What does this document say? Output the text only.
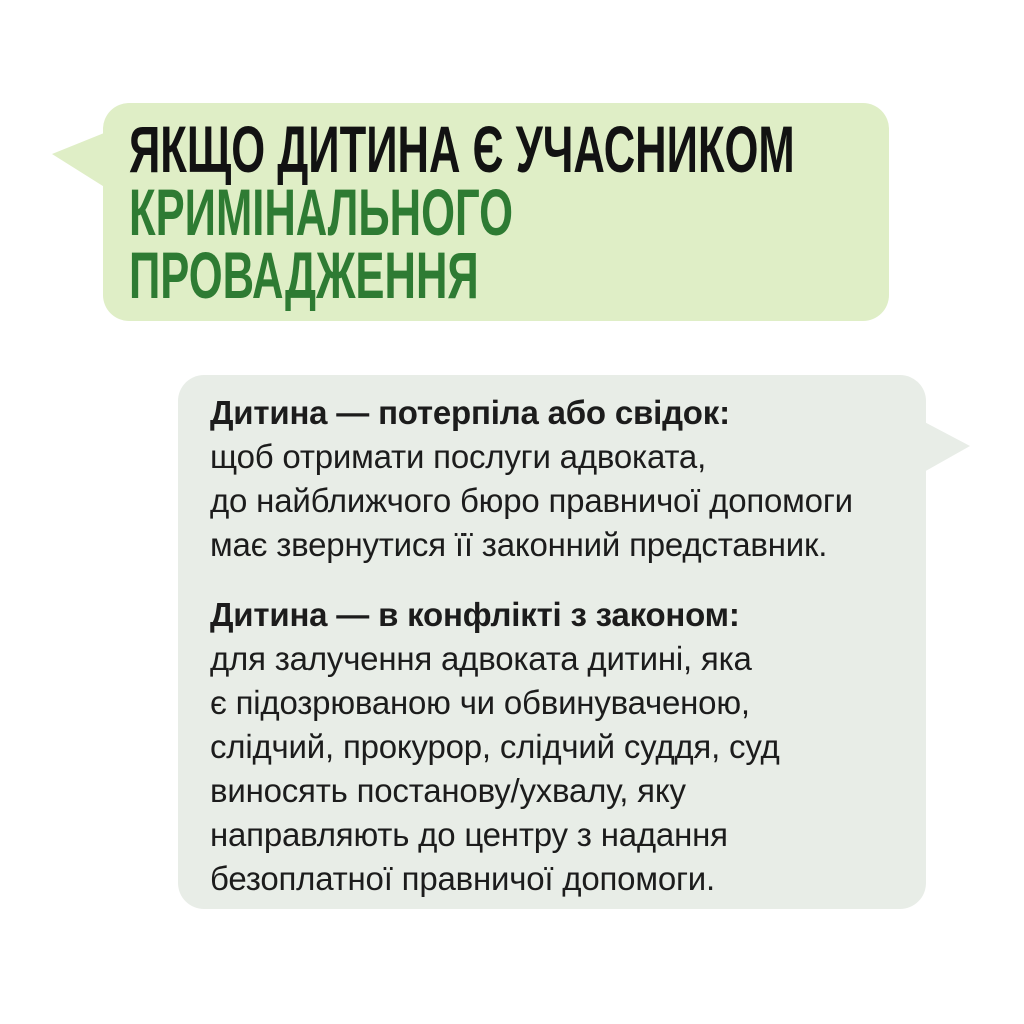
ЯКЩО ДИТИНА Є УЧАСНИКОМ
КРИМІНАЛЬНОГО
ПРОВАДЖЕННЯ
Дитина — потерпіла або свідок:
щоб отримати послуги адвоката,
до найближчого бюро правничої допомоги
має звернутися її законний представник.
Дитина — в конфлікті з законом:
для залучення адвоката дитині, яка
є підозрюваною чи обвинуваченою,
слідчий, прокурор, слідчий суддя, суд
виносять постанову/ухвалу, яку
направляють до центру з надання
безоплатної правничої допомоги.
